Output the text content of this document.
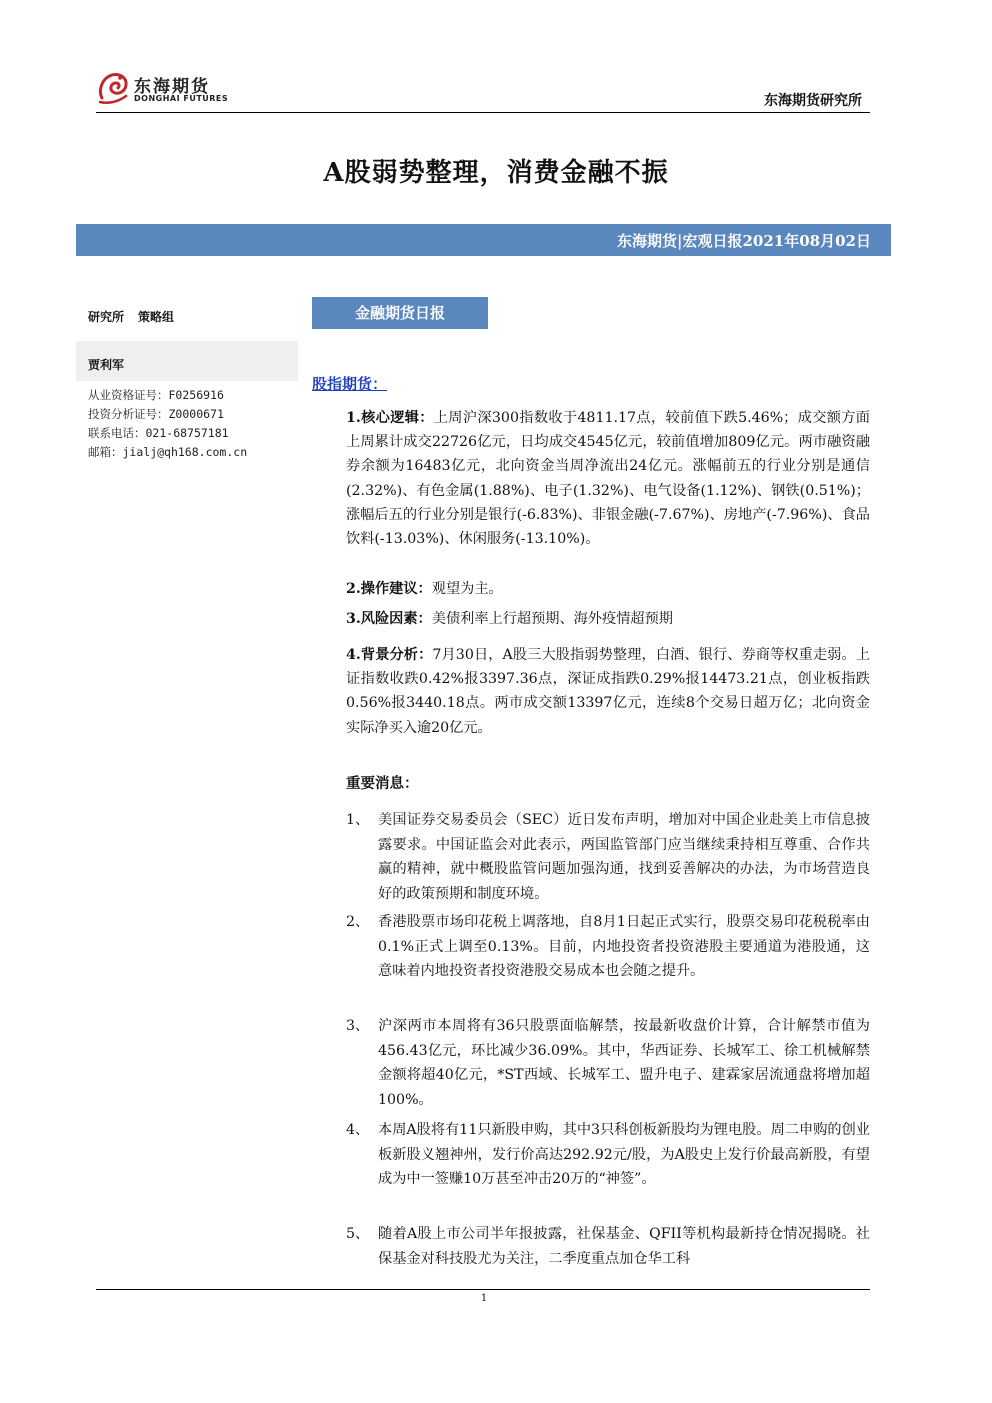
东海期货
DONGHAI FUTURES	东海期货研究所
A股弱势整理，消费金融不振
东海期货|宏观日报2021年08月02日
研究所 策略组
贾利军
从业资格证号：F0256916
投资分析证号：Z0000671
联系电话：021-68757181
邮箱：jialj@qh168.com.cn
金融期货日报
股指期货：
1.核心逻辑：上周沪深300指数收于4811.17点，较前值下跌5.46%；成交额方面上周累计成交22726亿元，日均成交4545亿元，较前值增加809亿元。两市融资融券余额为16483亿元，北向资金当周净流出24亿元。涨幅前五的行业分别是通信(2.32%)、有色金属(1.88%)、电子(1.32%)、电气设备(1.12%)、钢铁(0.51%)；涨幅后五的行业分别是银行(-6.83%)、非银金融(-7.67%)、房地产(-7.96%)、食品饮料(-13.03%)、休闲服务(-13.10%)。
2.操作建议：观望为主。
3.风险因素：美债利率上行超预期、海外疫情超预期
4.背景分析：7月30日，A股三大股指弱势整理，白酒、银行、券商等权重走弱。上证指数收跌0.42%报3397.36点，深证成指跌0.29%报14473.21点，创业板指跌0.56%报3440.18点。两市成交额13397亿元，连续8个交易日超万亿；北向资金实际净买入逾20亿元。
重要消息：
1、 美国证券交易委员会（SEC）近日发布声明，增加对中国企业赴美上市信息披露要求。中国证监会对此表示，两国监管部门应当继续秉持相互尊重、合作共赢的精神，就中概股监管问题加强沟通，找到妥善解决的办法，为市场营造良好的政策预期和制度环境。
2、 香港股票市场印花税上调落地，自8月1日起正式实行，股票交易印花税税率由0.1%正式上调至0.13%。目前，内地投资者投资港股主要通道为港股通，这意味着内地投资者投资港股交易成本也会随之提升。
3、 沪深两市本周将有36只股票面临解禁，按最新收盘价计算，合计解禁市值为456.43亿元，环比减少36.09%。其中，华西证券、长城军工、徐工机械解禁金额将超40亿元，*ST西域、长城军工、盟升电子、建霖家居流通盘将增加超100%。
4、 本周A股将有11只新股申购，其中3只科创板新股均为锂电股。周二申购的创业板新股义翘神州，发行价高达292.92元/股，为A股史上发行价最高新股，有望成为中一签赚10万甚至冲击20万的“神签”。
5、 随着A股上市公司半年报披露，社保基金、QFII等机构最新持仓情况揭晓。社保基金对科技股尤为关注，二季度重点加仓华工科
1
